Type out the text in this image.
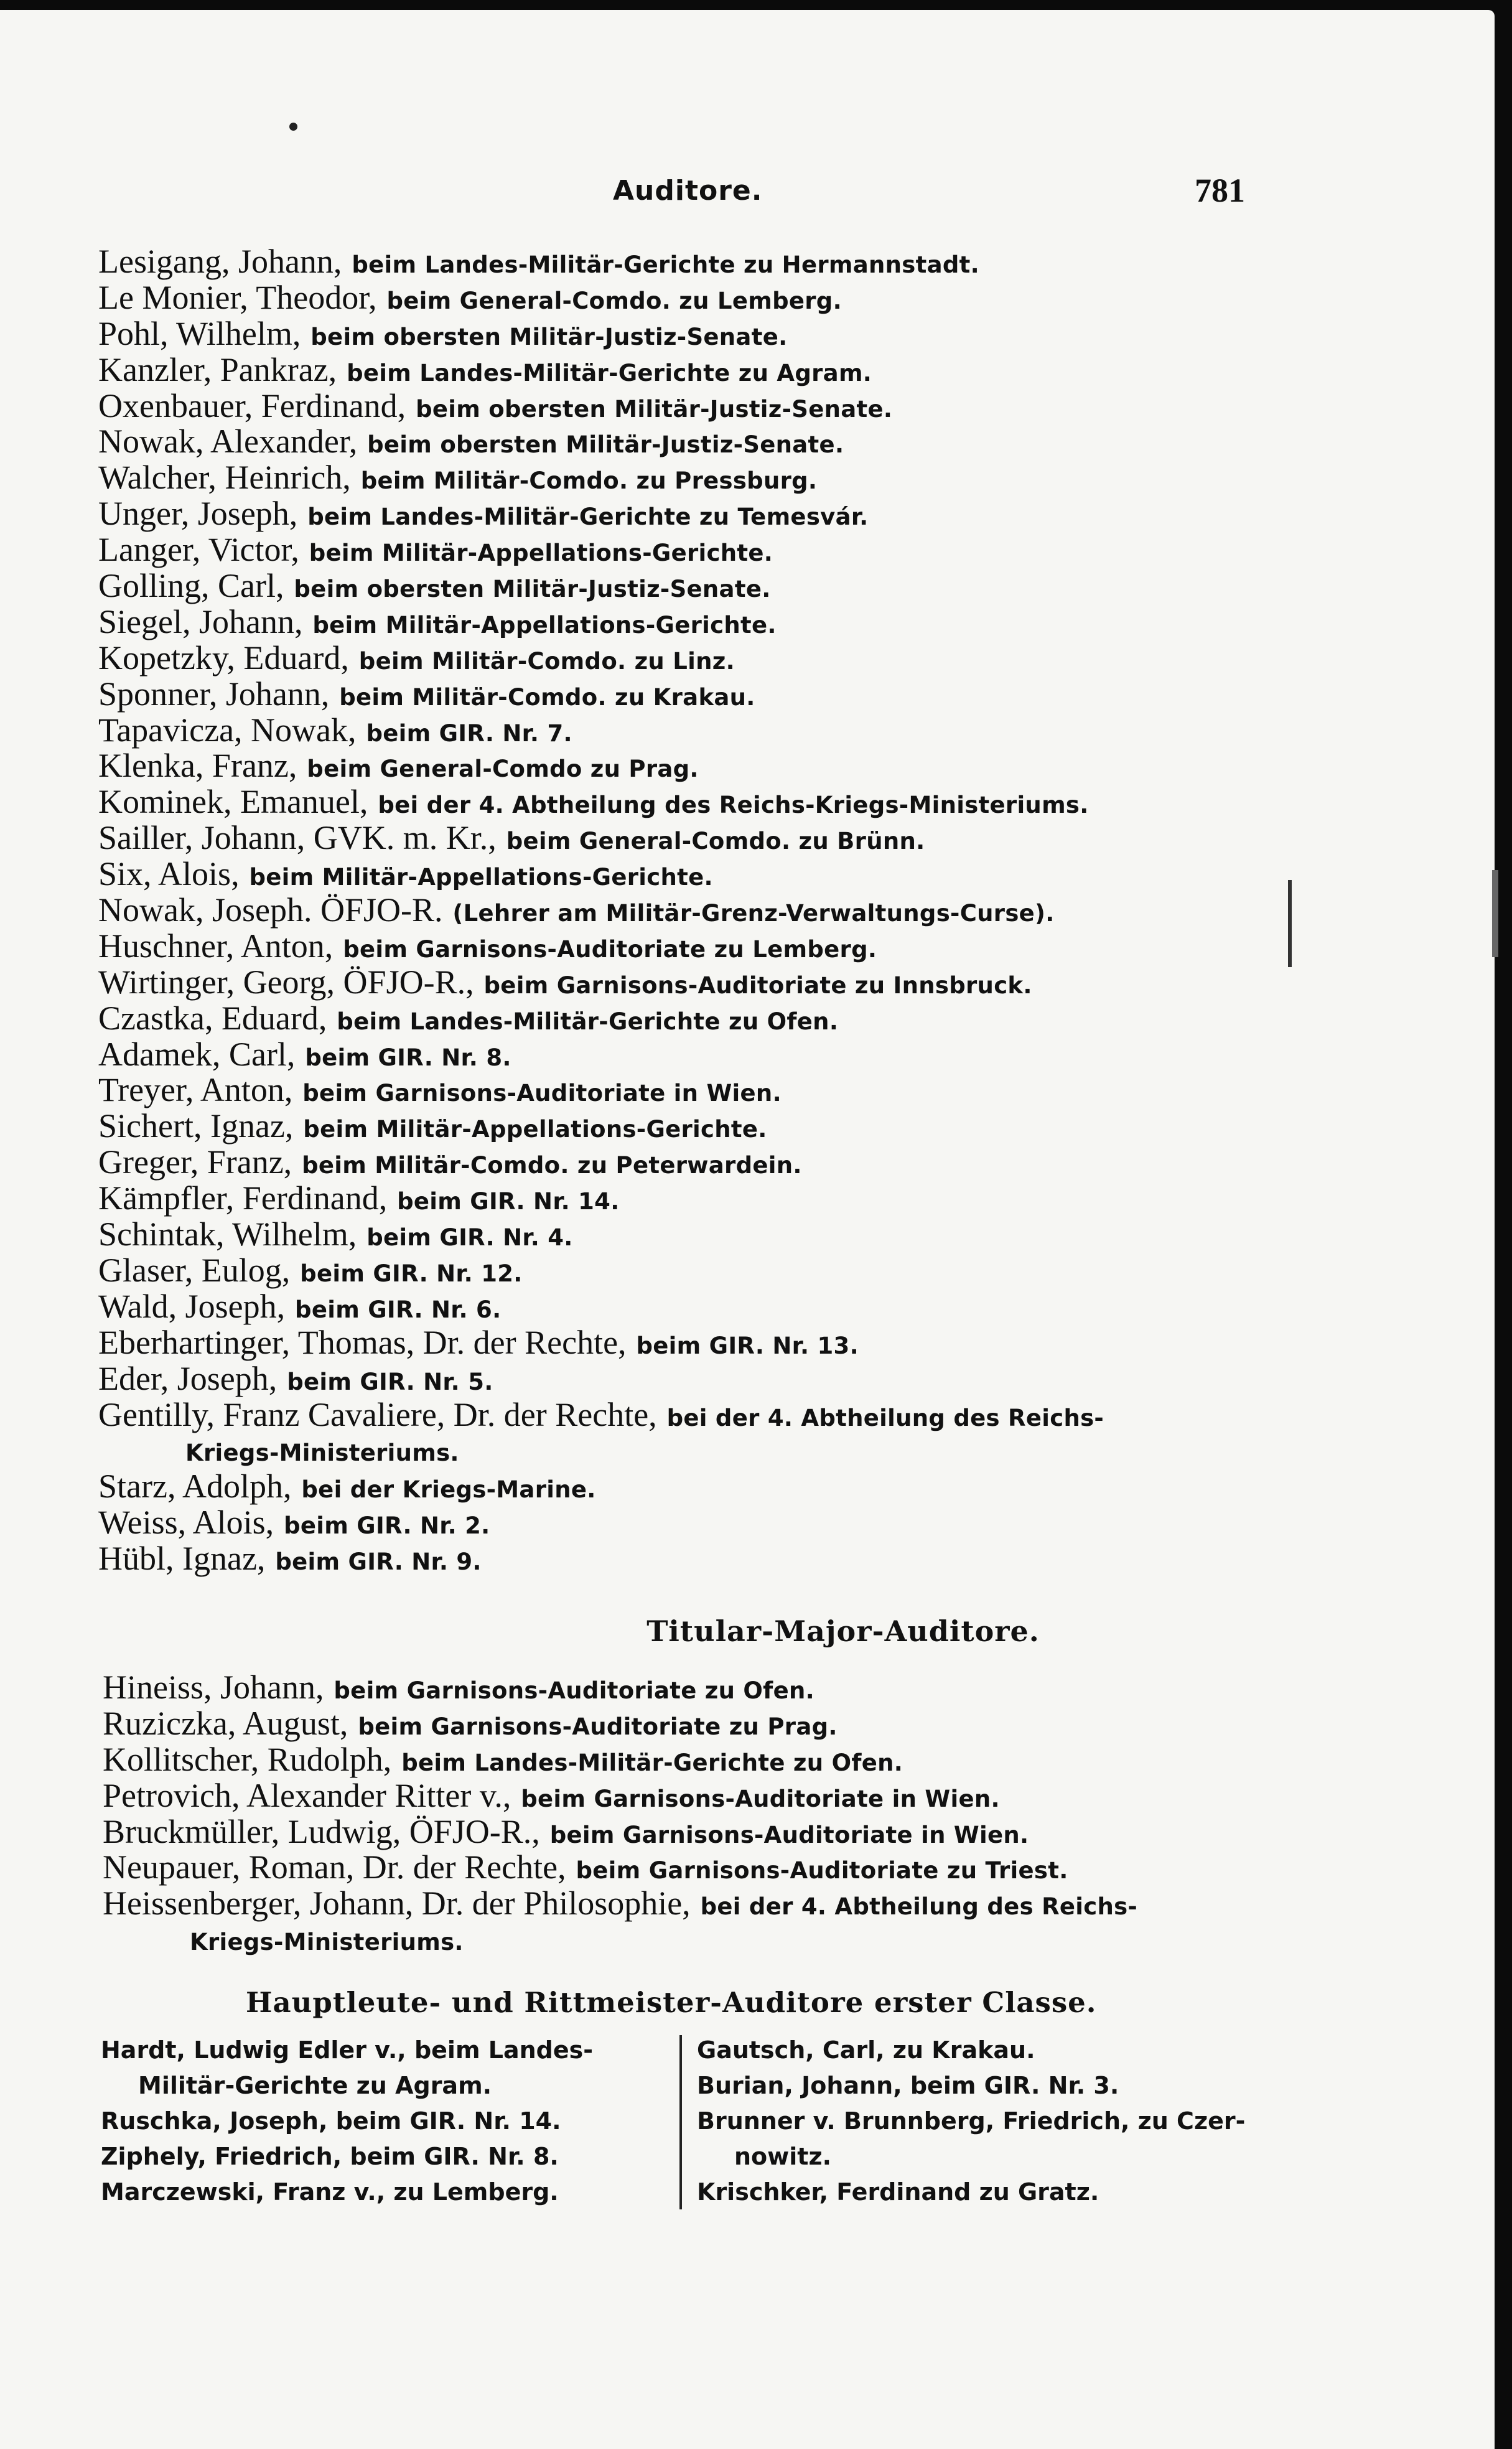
Auditore.	781
Lesigang, Johann, beim Landes-Militär-Gerichte zu Hermannstadt.
Le Monier, Theodor, beim General-Comdo. zu Lemberg.
Pohl, Wilhelm, beim obersten Militär-Justiz-Senate.
Kanzler, Pankraz, beim Landes-Militär-Gerichte zu Agram.
Oxenbauer, Ferdinand, beim obersten Militär-Justiz-Senate.
Nowak, Alexander, beim obersten Militär-Justiz-Senate.
Walcher, Heinrich, beim Militär-Comdo. zu Pressburg.
Unger, Joseph, beim Landes-Militär-Gerichte zu Temesvár.
Langer, Victor, beim Militär-Appellations-Gerichte.
Golling, Carl, beim obersten Militär-Justiz-Senate.
Siegel, Johann, beim Militär-Appellations-Gerichte.
Kopetzky, Eduard, beim Militär-Comdo. zu Linz.
Sponner, Johann, beim Militär-Comdo. zu Krakau.
Tapavicza, Nowak, beim GIR. Nr. 7.
Klenka, Franz, beim General-Comdo zu Prag.
Kominek, Emanuel, bei der 4. Abtheilung des Reichs-Kriegs-Ministeriums.
Sailler, Johann, GVK. m. Kr., beim General-Comdo. zu Brünn.
Six, Alois, beim Militär-Appellations-Gerichte.
Nowak, Joseph. ÖFJO-R. (Lehrer am Militär-Grenz-Verwaltungs-Curse).
Huschner, Anton, beim Garnisons-Auditoriate zu Lemberg.
Wirtinger, Georg, ÖFJO-R., beim Garnisons-Auditoriate zu Innsbruck.
Czastka, Eduard, beim Landes-Militär-Gerichte zu Ofen.
Adamek, Carl, beim GIR. Nr. 8.
Treyer, Anton, beim Garnisons-Auditoriate in Wien.
Sichert, Ignaz, beim Militär-Appellations-Gerichte.
Greger, Franz, beim Militär-Comdo. zu Peterwardein.
Kämpfler, Ferdinand, beim GIR. Nr. 14.
Schintak, Wilhelm, beim GIR. Nr. 4.
Glaser, Eulog, beim GIR. Nr. 12.
Wald, Joseph, beim GIR. Nr. 6.
Eberhartinger, Thomas, Dr. der Rechte, beim GIR. Nr. 13.
Eder, Joseph, beim GIR. Nr. 5.
Gentilly, Franz Cavaliere, Dr. der Rechte, bei der 4. Abtheilung des Reichs-
Kriegs-Ministeriums.
Starz, Adolph, bei der Kriegs-Marine.
Weiss, Alois, beim GIR. Nr. 2.
Hübl, Ignaz, beim GIR. Nr. 9.
Titular-Major-Auditore.
Hineiss, Johann, beim Garnisons-Auditoriate zu Ofen.
Ruziczka, August, beim Garnisons-Auditoriate zu Prag.
Kollitscher, Rudolph, beim Landes-Militär-Gerichte zu Ofen.
Petrovich, Alexander Ritter v., beim Garnisons-Auditoriate in Wien.
Bruckmüller, Ludwig, ÖFJO-R., beim Garnisons-Auditoriate in Wien.
Neupauer, Roman, Dr. der Rechte, beim Garnisons-Auditoriate zu Triest.
Heissenberger, Johann, Dr. der Philosophie, bei der 4. Abtheilung des Reichs-
Kriegs-Ministeriums.
Hauptleute- und Rittmeister-Auditore erster Classe.
Hardt, Ludwig Edler v., beim Landes-
Militär-Gerichte zu Agram.
Ruschka, Joseph, beim GIR. Nr. 14.
Ziphely, Friedrich, beim GIR. Nr. 8.
Marczewski, Franz v., zu Lemberg.
Gautsch, Carl, zu Krakau.
Burian, Johann, beim GIR. Nr. 3.
Brunner v. Brunnberg, Friedrich, zu Czer-
nowitz.
Krischker, Ferdinand zu Gratz.
